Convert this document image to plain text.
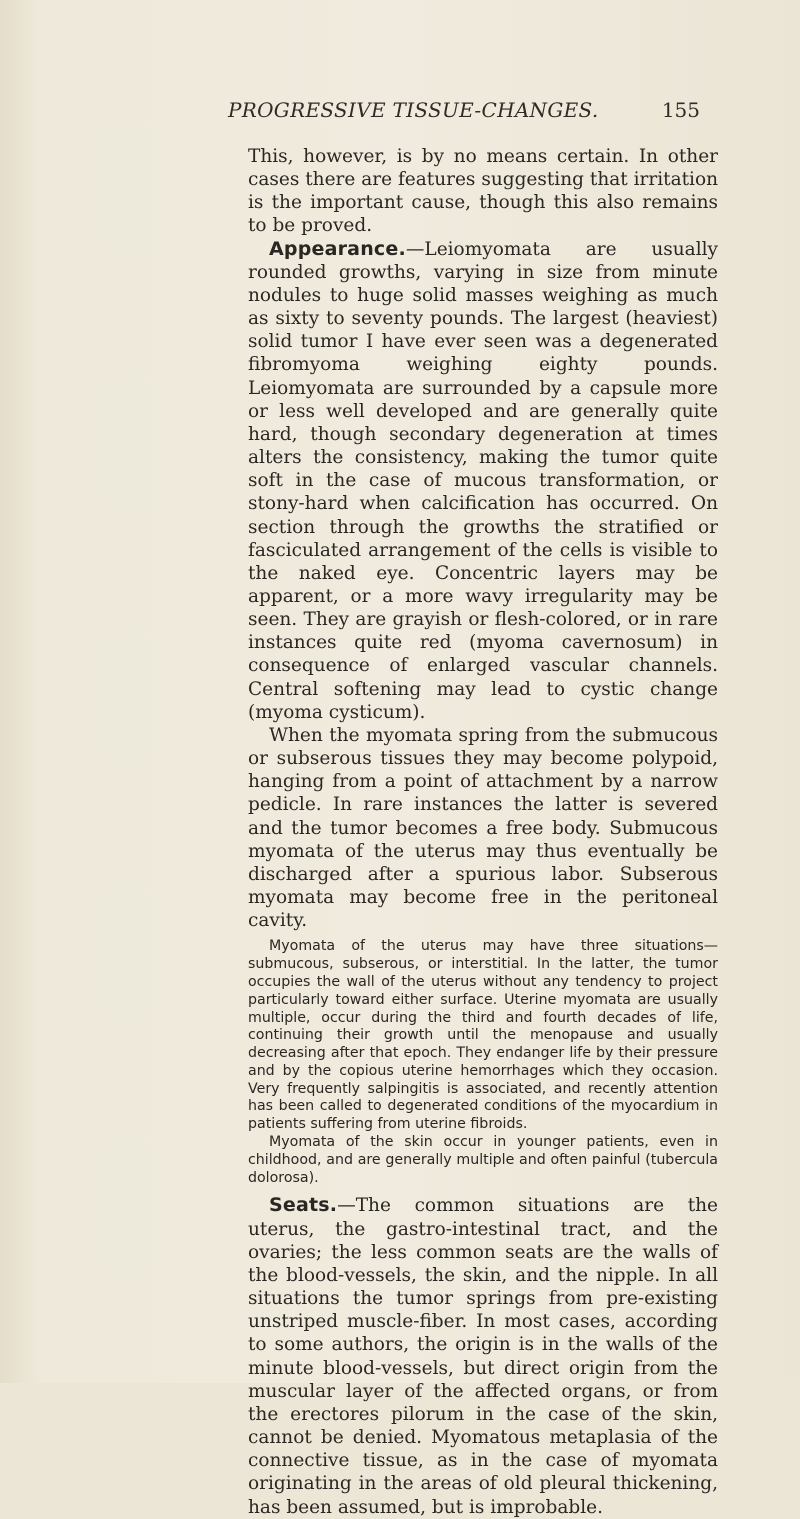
PROGRESSIVE TISSUE-CHANGES.	155

This, however, is by no means certain. In other cases there are features suggesting that irritation is the important cause, though this also remains to be proved.

Appearance.—Leiomyomata are usually rounded growths, varying in size from minute nodules to huge solid masses weighing as much as sixty to seventy pounds. The largest (heaviest) solid tumor I have ever seen was a degenerated fibromyoma weighing eighty pounds. Leiomyomata are surrounded by a capsule more or less well developed and are generally quite hard, though secondary degeneration at times alters the consistency, making the tumor quite soft in the case of mucous transformation, or stony-hard when calcification has occurred. On section through the growths the stratified or fasciculated arrangement of the cells is visible to the naked eye. Concentric layers may be apparent, or a more wavy irregularity may be seen. They are grayish or flesh-colored, or in rare instances quite red (myoma cavernosum) in consequence of enlarged vascular channels. Central softening may lead to cystic change (myoma cysticum).

When the myomata spring from the submucous or subserous tissues they may become polypoid, hanging from a point of attachment by a narrow pedicle. In rare instances the latter is severed and the tumor becomes a free body. Submucous myomata of the uterus may thus eventually be discharged after a spurious labor. Subserous myomata may become free in the peritoneal cavity.

Myomata of the uterus may have three situations—submucous, subserous, or interstitial. In the latter, the tumor occupies the wall of the uterus without any tendency to project particularly toward either surface. Uterine myomata are usually multiple, occur during the third and fourth decades of life, continuing their growth until the menopause and usually decreasing after that epoch. They endanger life by their pressure and by the copious uterine hemorrhages which they occasion. Very frequently salpingitis is associated, and recently attention has been called to degenerated conditions of the myocardium in patients suffering from uterine fibroids.

Myomata of the skin occur in younger patients, even in childhood, and are generally multiple and often painful (tubercula dolorosa).

Seats.—The common situations are the uterus, the gastro-intestinal tract, and the ovaries; the less common seats are the walls of the blood-vessels, the skin, and the nipple. In all situations the tumor springs from pre-existing unstriped muscle-fiber. In most cases, according to some authors, the origin is in the walls of the minute blood-vessels, but direct origin from the muscular layer of the affected organs, or from the erectores pilorum in the case of the skin, cannot be denied. Myomatous metaplasia of the connective tissue, as in the case of myomata originating in the areas of old pleural thickening, has been assumed, but is improbable.
